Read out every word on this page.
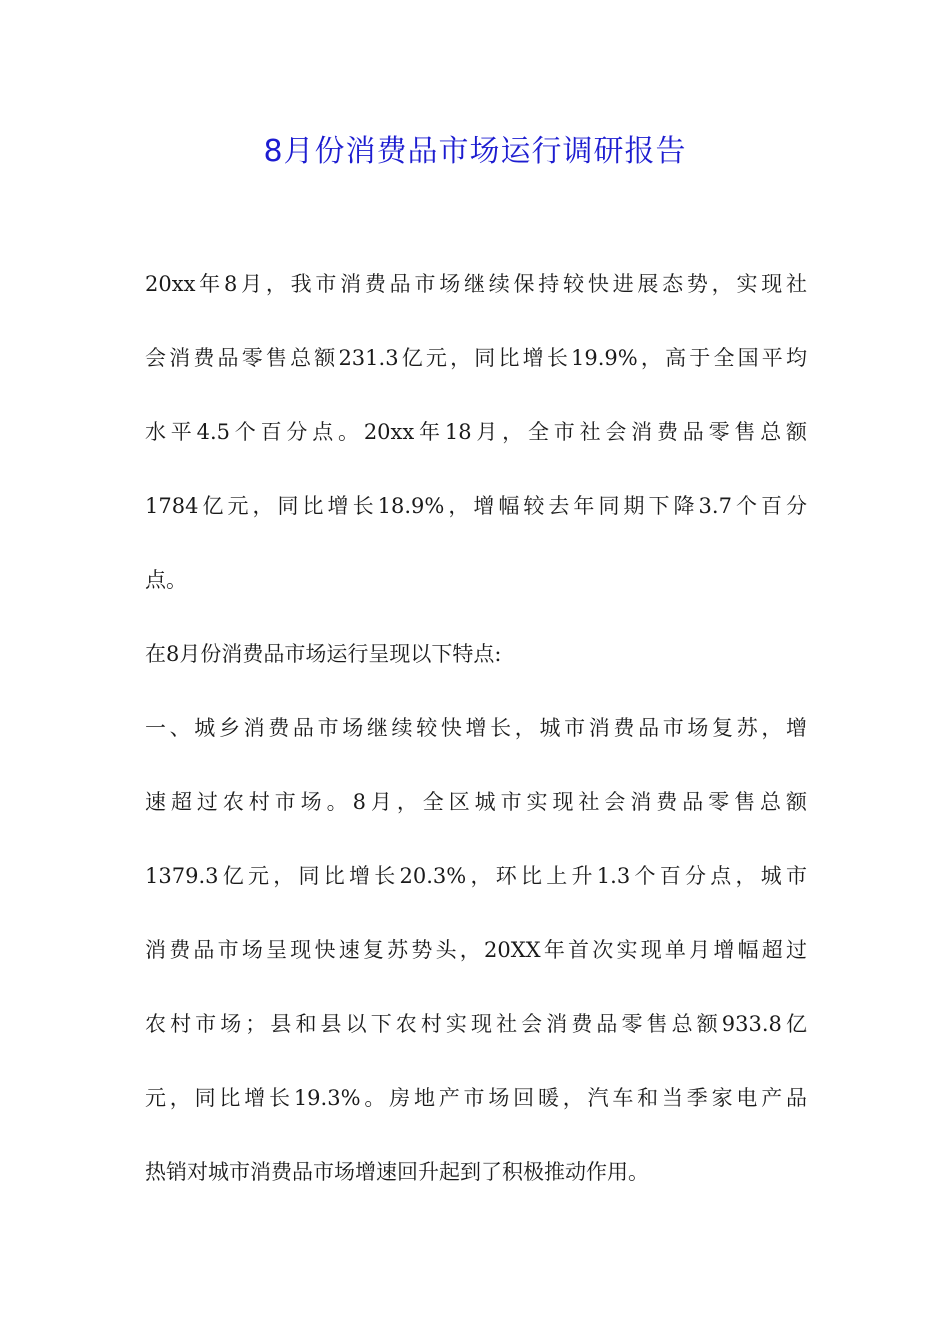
8月份消费品市场运行调研报告
20xx年8月，我市消费品市场继续保持较快进展态势，实现社
会消费品零售总额231.3亿元，同比增长19.9%，高于全国平均
水平4.5个百分点。20xx年18月，全市社会消费品零售总额
1784亿元，同比增长18.9%，增幅较去年同期下降3.7个百分
点。
在8月份消费品市场运行呈现以下特点:
一、城乡消费品市场继续较快增长，城市消费品市场复苏，增
速超过农村市场。8月，全区城市实现社会消费品零售总额
1379.3亿元，同比增长20.3%，环比上升1.3个百分点，城市
消费品市场呈现快速复苏势头，20XX年首次实现单月增幅超过
农村市场；县和县以下农村实现社会消费品零售总额933.8亿
元，同比增长19.3%。房地产市场回暖，汽车和当季家电产品
热销对城市消费品市场增速回升起到了积极推动作用。
